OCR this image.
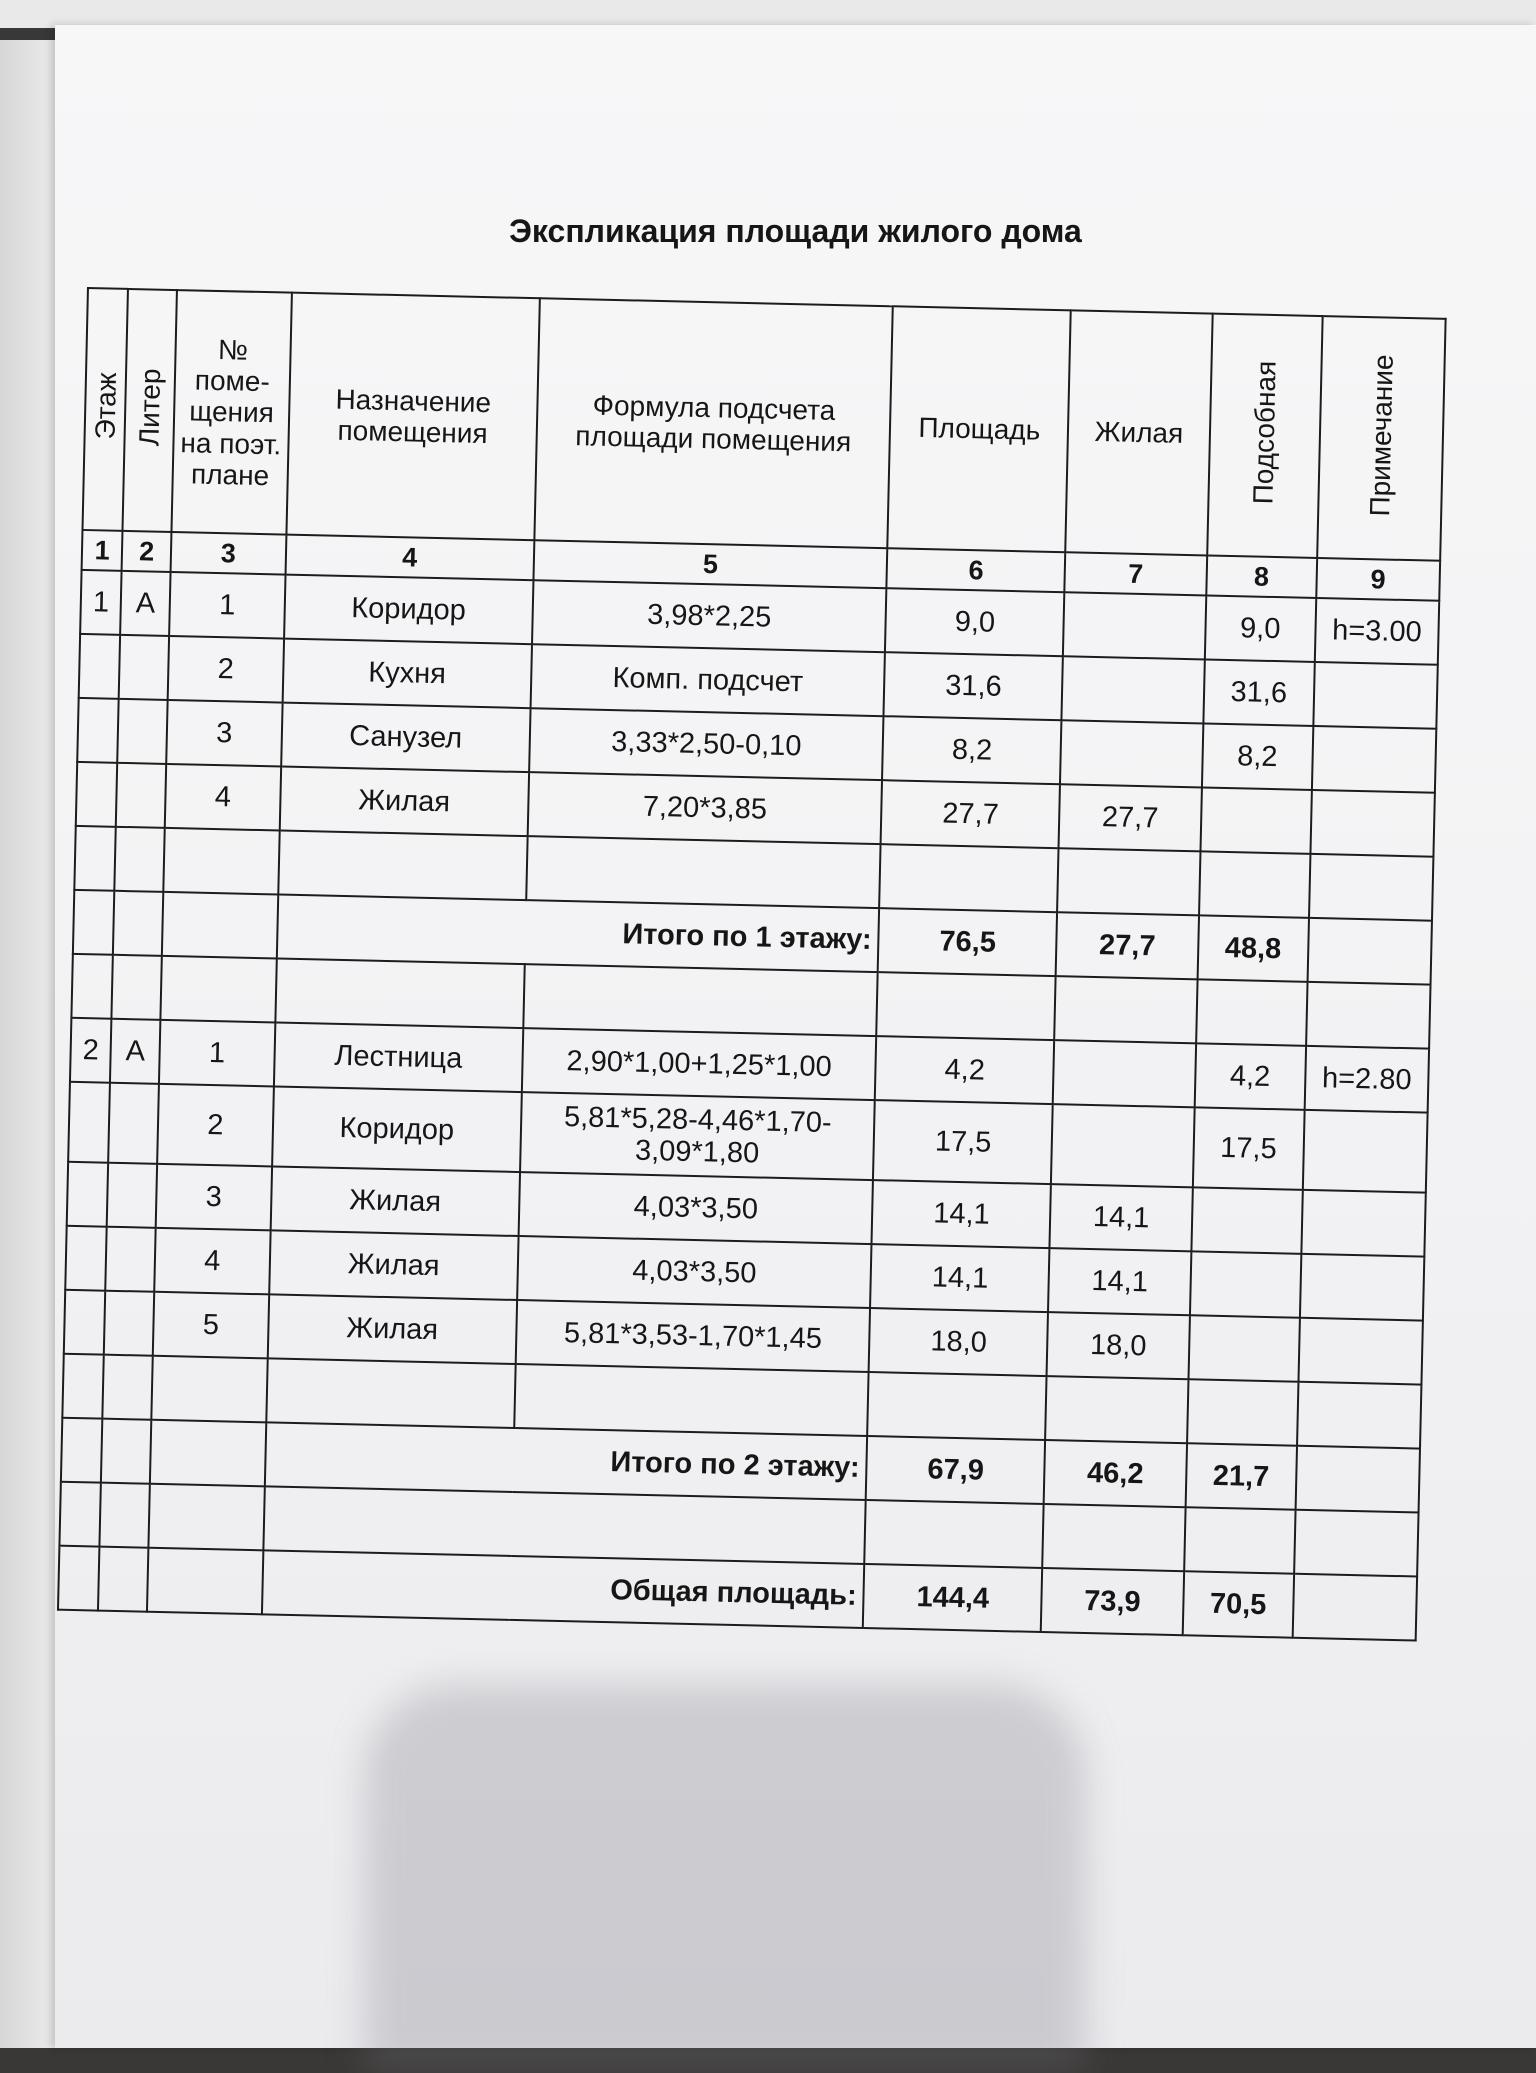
Экспликация площади жилого дома
Этаж	Литер	№ поме-щения на поэт. плане	Назначение помещения	Формула подсчета площади помещения	Площадь	Жилая	Подсобная	Примечание
1	2	3	4	5	6	7	8	9
1	А	1	Коридор	3,98*2,25	9,0		9,0	h=3.00
		2	Кухня	Комп. подсчет	31,6		31,6	
		3	Санузел	3,33*2,50-0,10	8,2		8,2	
		4	Жилая	7,20*3,85	27,7	27,7		

			Итого по 1 этажу:		76,5	27,7	48,8	

2	А	1	Лестница	2,90*1,00+1,25*1,00	4,2		4,2	h=2.80
		2	Коридор	5,81*5,28-4,46*1,70-3,09*1,80	17,5		17,5	
		3	Жилая	4,03*3,50	14,1	14,1		
		4	Жилая	4,03*3,50	14,1	14,1		
		5	Жилая	5,81*3,53-1,70*1,45	18,0	18,0		

			Итого по 2 этажу:		67,9	46,2	21,7	

			Общая площадь:		144,4	73,9	70,5	
